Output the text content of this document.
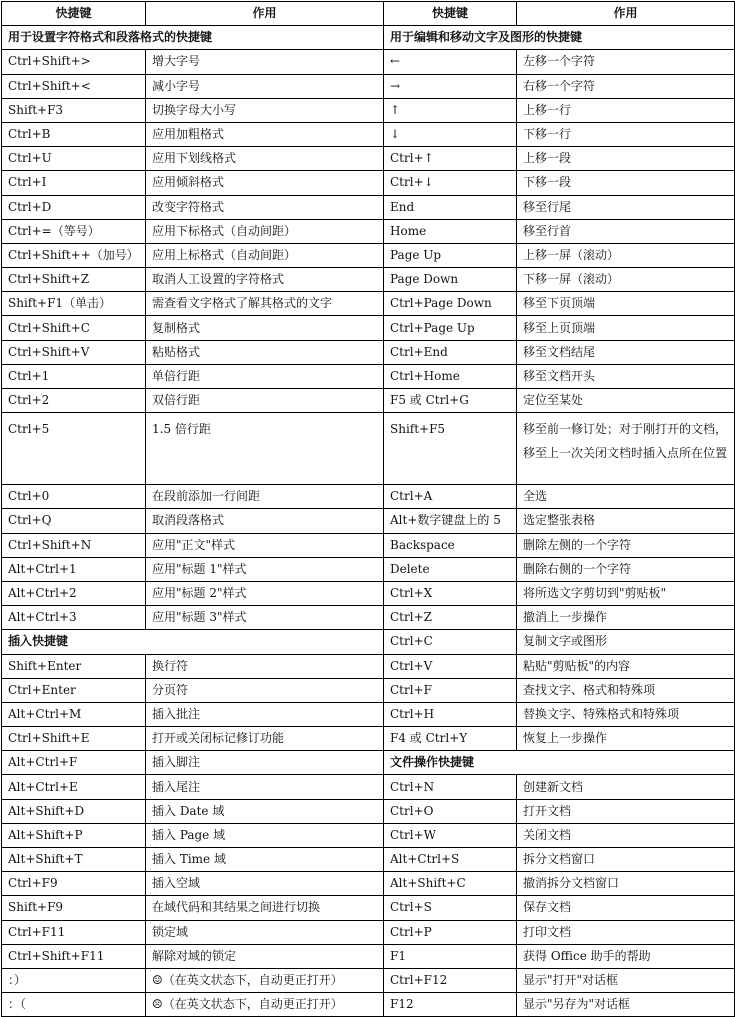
快捷键	作用	快捷键	作用
用于设置字符格式和段落格式的快捷键		用于编辑和移动文字及图形的快捷键	
Ctrl+Shift+>	增大字号	←	左移一个字符
Ctrl+Shift+<	减小字号	→	右移一个字符
Shift+F3	切换字母大小写	↑	上移一行
Ctrl+B	应用加粗格式	↓	下移一行
Ctrl+U	应用下划线格式	Ctrl+↑	上移一段
Ctrl+I	应用倾斜格式	Ctrl+↓	下移一段
Ctrl+D	改变字符格式	End	移至行尾
Ctrl+=（等号）	应用下标格式（自动间距）	Home	移至行首
Ctrl+Shift++（加号）	应用上标格式（自动间距）	Page Up	上移一屏（滚动）
Ctrl+Shift+Z	取消人工设置的字符格式	Page Down	下移一屏（滚动）
Shift+F1（单击）	需查看文字格式了解其格式的文字	Ctrl+Page Down	移至下页顶端
Ctrl+Shift+C	复制格式	Ctrl+Page Up	移至上页顶端
Ctrl+Shift+V	粘贴格式	Ctrl+End	移至文档结尾
Ctrl+1	单倍行距	Ctrl+Home	移至文档开头
Ctrl+2	双倍行距	F5 或 Ctrl+G	定位至某处
Ctrl+5	1.5 倍行距	Shift+F5	移至前一修订处；对于刚打开的文档，移至上一次关闭文档时插入点所在位置
Ctrl+0	在段前添加一行间距	Ctrl+A	全选
Ctrl+Q	取消段落格式	Alt+数字键盘上的 5	选定整张表格
Ctrl+Shift+N	应用"正文"样式	Backspace	删除左侧的一个字符
Alt+Ctrl+1	应用"标题 1"样式	Delete	删除右侧的一个字符
Alt+Ctrl+2	应用"标题 2"样式	Ctrl+X	将所选文字剪切到"剪贴板"
Alt+Ctrl+3	应用"标题 3"样式	Ctrl+Z	撤消上一步操作
插入快捷键		Ctrl+C	复制文字或图形
Shift+Enter	换行符	Ctrl+V	粘贴"剪贴板"的内容
Ctrl+Enter	分页符	Ctrl+F	查找文字、格式和特殊项
Alt+Ctrl+M	插入批注	Ctrl+H	替换文字、特殊格式和特殊项
Ctrl+Shift+E	打开或关闭标记修订功能	F4 或 Ctrl+Y	恢复上一步操作
Alt+Ctrl+F	插入脚注	文件操作快捷键	
Alt+Ctrl+E	插入尾注	Ctrl+N	创建新文档
Alt+Shift+D	插入 Date 域	Ctrl+O	打开文档
Alt+Shift+P	插入 Page 域	Ctrl+W	关闭文档
Alt+Shift+T	插入 Time 域	Alt+Ctrl+S	拆分文档窗口
Ctrl+F9	插入空域	Alt+Shift+C	撤消拆分文档窗口
Shift+F9	在域代码和其结果之间进行切换	Ctrl+S	保存文档
Ctrl+F11	锁定域	Ctrl+P	打印文档
Ctrl+Shift+F11	解除对域的锁定	F1	获得 Office 助手的帮助
：）	☺（在英文状态下，自动更正打开）	Ctrl+F12	显示"打开"对话框
：（	☹（在英文状态下，自动更正打开）	F12	显示"另存为"对话框
